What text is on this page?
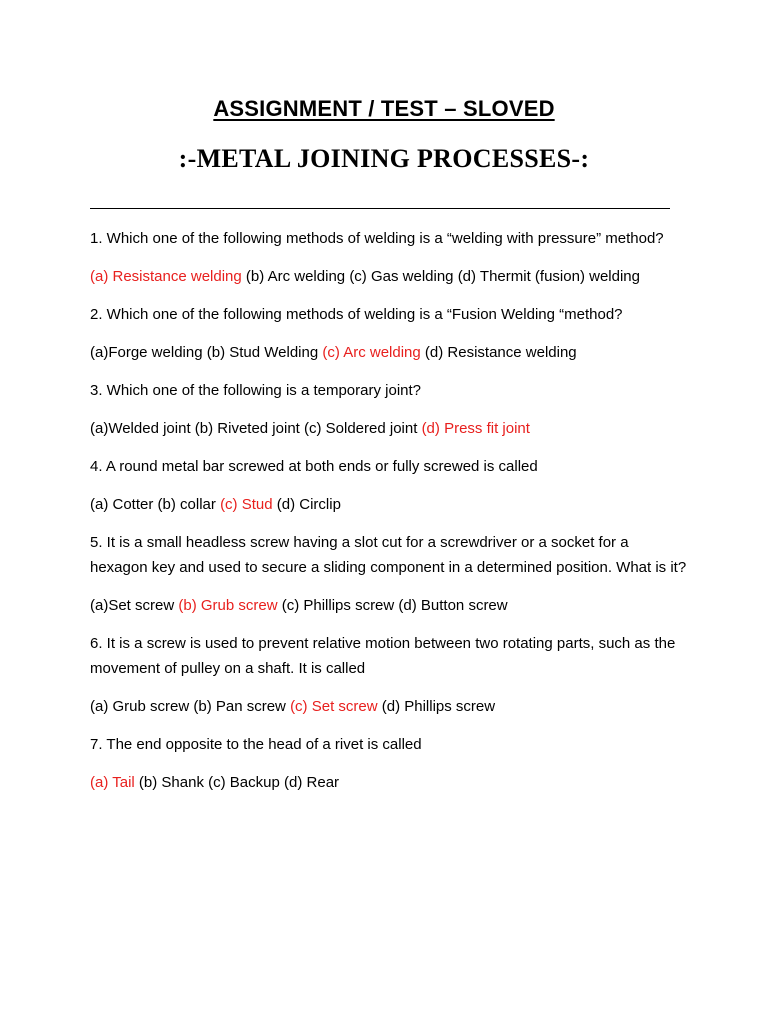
ASSIGNMENT / TEST – SLOVED
:-METAL JOINING PROCESSES-:
1. Which one of the following methods of welding is a “welding with pressure” method?
(a) Resistance welding (b) Arc welding (c) Gas welding (d) Thermit (fusion) welding
2. Which one of the following methods of welding is a “Fusion Welding “method?
(a)Forge welding (b) Stud Welding (c) Arc welding (d) Resistance welding
3. Which one of the following is a temporary joint?
(a)Welded joint (b) Riveted joint (c) Soldered joint (d) Press fit joint
4. A round metal bar screwed at both ends or fully screwed is called
(a) Cotter (b) collar (c) Stud (d) Circlip
5. It is a small headless screw having a slot cut for a screwdriver or a socket for a hexagon key and used to secure a sliding component in a determined position. What is it?
(a)Set screw (b) Grub screw (c) Phillips screw (d) Button screw
6. It is a screw is used to prevent relative motion between two rotating parts, such as the movement of pulley on a shaft. It is called
(a) Grub screw (b) Pan screw (c) Set screw (d) Phillips screw
7. The end opposite to the head of a rivet is called
(a) Tail (b) Shank (c) Backup (d) Rear
